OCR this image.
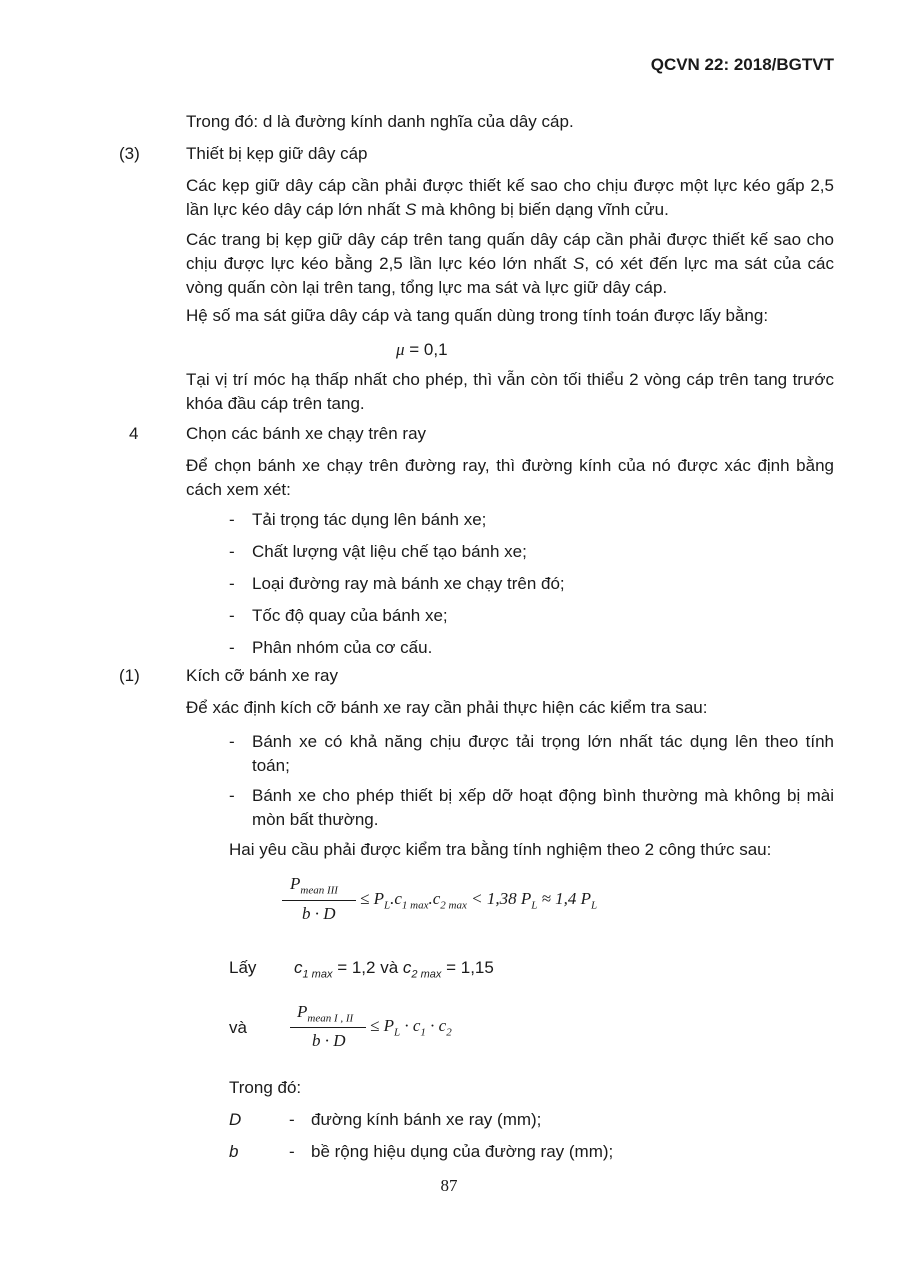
QCVN 22: 2018/BGTVT
Trong đó: d là đường kính danh nghĩa của dây cáp.
(3)	Thiết bị kẹp giữ dây cáp
Các kẹp giữ dây cáp cần phải được thiết kế sao cho chịu được một lực kéo gấp 2,5 lần lực kéo dây cáp lớn nhất S mà không bị biến dạng vĩnh cửu.
Các trang bị kẹp giữ dây cáp trên tang quấn dây cáp cần phải được thiết kế sao cho chịu được lực kéo bằng 2,5 lần lực kéo lớn nhất S, có xét đến lực ma sát của các vòng quấn còn lại trên tang, tổng lực ma sát và lực giữ dây cáp.
Hệ số ma sát giữa dây cáp và tang quấn dùng trong tính toán được lấy bằng:
μ = 0,1
Tại vị trí móc hạ thấp nhất cho phép, thì vẫn còn tối thiểu 2 vòng cáp trên tang trước khóa đầu cáp trên tang.
4	Chọn các bánh xe chạy trên ray
Để chọn bánh xe chạy trên đường ray, thì đường kính của nó được xác định bằng cách xem xét:
- Tải trọng tác dụng lên bánh xe;
- Chất lượng vật liệu chế tạo bánh xe;
- Loại đường ray mà bánh xe chạy trên đó;
- Tốc độ quay của bánh xe;
- Phân nhóm của cơ cấu.
(1)	Kích cỡ bánh xe ray
Để xác định kích cỡ bánh xe ray cần phải thực hiện các kiểm tra sau:
- Bánh xe có khả năng chịu được tải trọng lớn nhất tác dụng lên theo tính toán;
- Bánh xe cho phép thiết bị xếp dỡ hoạt động bình thường mà không bị mài mòn bất thường.
Hai yêu cầu phải được kiểm tra bằng tính nghiệm theo 2 công thức sau:
$P_{mean III}$
b · D
≤ $P_L.c_{1 max}.c_{2 max} < 1,38$ $P_L \approx 1,4$ $P_L$
Lấy $c_{1 max} = 1,2$ và $c_{2 max} = 1,15$
và
$P_{mean I , II}$
b · D
≤ $P_L \cdot c_1 \cdot c_2$
Trong đó:
D	- đường kính bánh xe ray (mm);
b	- bề rộng hiệu dụng của đường ray (mm);
87
